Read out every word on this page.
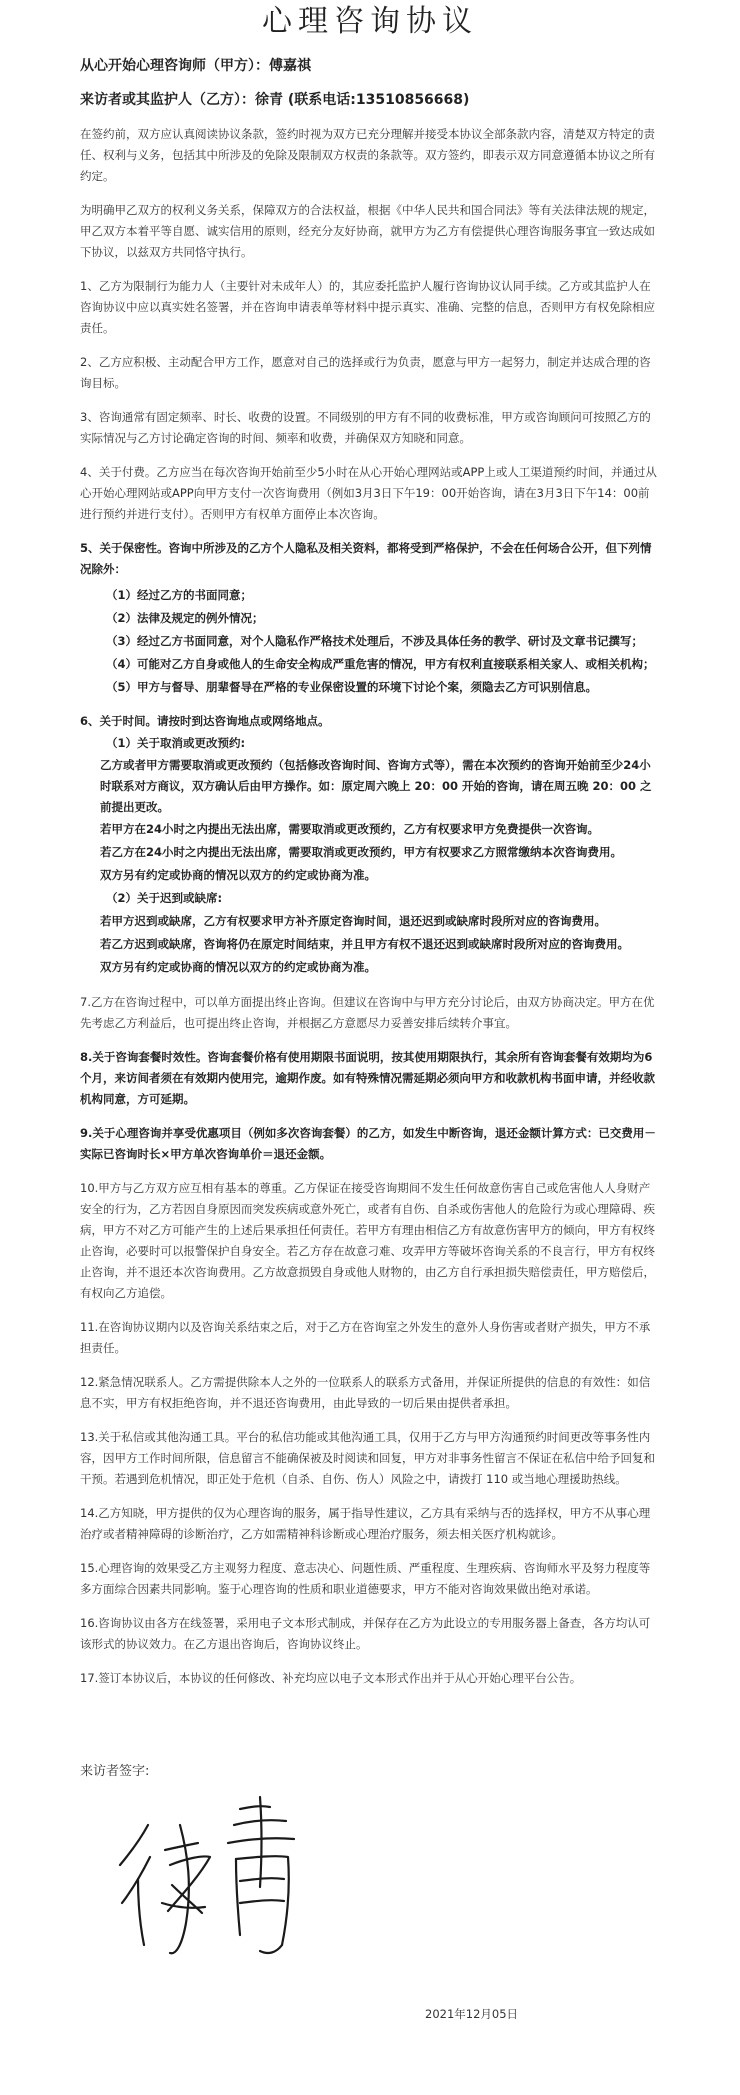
心理咨询协议
从心开始心理咨询师（甲方）：傅嘉祺
来访者或其监护人（乙方）：徐青 (联系电话:13510856668)
在签约前，双方应认真阅读协议条款，签约时视为双方已充分理解并接受本协议全部条款内容，清楚双方特定的责任、权利与义务，包括其中所涉及的免除及限制双方权责的条款等。双方签约，即表示双方同意遵循本协议之所有约定。
为明确甲乙双方的权利义务关系，保障双方的合法权益，根据《中华人民共和国合同法》等有关法律法规的规定，甲乙双方本着平等自愿、诚实信用的原则，经充分友好协商，就甲方为乙方有偿提供心理咨询服务事宜一致达成如下协议，以兹双方共同恪守执行。
1、乙方为限制行为能力人（主要针对未成年人）的，其应委托监护人履行咨询协议认同手续。乙方或其监护人在咨询协议中应以真实姓名签署，并在咨询申请表单等材料中提示真实、准确、完整的信息，否则甲方有权免除相应责任。
2、乙方应积极、主动配合甲方工作，愿意对自己的选择或行为负责，愿意与甲方一起努力，制定并达成合理的咨询目标。
3、咨询通常有固定频率、时长、收费的设置。不同级别的甲方有不同的收费标准，甲方或咨询顾问可按照乙方的实际情况与乙方讨论确定咨询的时间、频率和收费，并确保双方知晓和同意。
4、关于付费。乙方应当在每次咨询开始前至少5小时在从心开始心理网站或APP上或人工渠道预约时间，并通过从心开始心理网站或APP向甲方支付一次咨询费用（例如3月3日下午19：00开始咨询，请在3月3日下午14：00前进行预约并进行支付）。否则甲方有权单方面停止本次咨询。
5、关于保密性。咨询中所涉及的乙方个人隐私及相关资料，都将受到严格保护，不会在任何场合公开，但下列情况除外：
（1）经过乙方的书面同意；
（2）法律及规定的例外情况；
（3）经过乙方书面同意，对个人隐私作严格技术处理后，不涉及具体任务的教学、研讨及文章书记撰写；
（4）可能对乙方自身或他人的生命安全构成严重危害的情况，甲方有权利直接联系相关家人、或相关机构；
（5）甲方与督导、朋辈督导在严格的专业保密设置的环境下讨论个案，须隐去乙方可识别信息。
6、关于时间。请按时到达咨询地点或网络地点。
（1）关于取消或更改预约:
乙方或者甲方需要取消或更改预约（包括修改咨询时间、咨询方式等），需在本次预约的咨询开始前至少24小时联系对方商议，双方确认后由甲方操作。如：原定周六晚上 20：00 开始的咨询，请在周五晚 20：00 之前提出更改。
若甲方在24小时之内提出无法出席，需要取消或更改预约，乙方有权要求甲方免费提供一次咨询。
若乙方在24小时之内提出无法出席，需要取消或更改预约，甲方有权要求乙方照常缴纳本次咨询费用。
双方另有约定或协商的情况以双方的约定或协商为准。
（2）关于迟到或缺席:
若甲方迟到或缺席，乙方有权要求甲方补齐原定咨询时间，退还迟到或缺席时段所对应的咨询费用。
若乙方迟到或缺席，咨询将仍在原定时间结束，并且甲方有权不退还迟到或缺席时段所对应的咨询费用。
双方另有约定或协商的情况以双方的约定或协商为准。
7.乙方在咨询过程中，可以单方面提出终止咨询。但建议在咨询中与甲方充分讨论后，由双方协商决定。甲方在优先考虑乙方利益后，也可提出终止咨询，并根据乙方意愿尽力妥善安排后续转介事宜。
8.关于咨询套餐时效性。咨询套餐价格有使用期限书面说明，按其使用期限执行，其余所有咨询套餐有效期均为6个月，来访间者须在有效期内使用完，逾期作废。如有特殊情况需延期必须向甲方和收款机构书面申请，并经收款机构同意，方可延期。
9.关于心理咨询并享受优惠项目（例如多次咨询套餐）的乙方，如发生中断咨询，退还金额计算方式：已交费用－实际已咨询时长×甲方单次咨询单价＝退还金额。
10.甲方与乙方双方应互相有基本的尊重。乙方保证在接受咨询期间不发生任何故意伤害自己或危害他人人身财产安全的行为，乙方若因自身原因而突发疾病或意外死亡，或者有自伤、自杀或伤害他人的危险行为或心理障碍、疾病，甲方不对乙方可能产生的上述后果承担任何责任。若甲方有理由相信乙方有故意伤害甲方的倾向，甲方有权终止咨询，必要时可以报警保护自身安全。若乙方存在故意刁难、攻弄甲方等破坏咨询关系的不良言行，甲方有权终止咨询，并不退还本次咨询费用。乙方故意损毁自身或他人财物的，由乙方自行承担损失赔偿责任，甲方赔偿后，有权向乙方追偿。
11.在咨询协议期内以及咨询关系结束之后，对于乙方在咨询室之外发生的意外人身伤害或者财产损失，甲方不承担责任。
12.紧急情况联系人。乙方需提供除本人之外的一位联系人的联系方式备用，并保证所提供的信息的有效性：如信息不实，甲方有权拒绝咨询，并不退还咨询费用，由此导致的一切后果由提供者承担。
13.关于私信或其他沟通工具。平台的私信功能或其他沟通工具，仅用于乙方与甲方沟通预约时间更改等事务性内容，因甲方工作时间所限，信息留言不能确保被及时阅读和回复，甲方对非事务性留言不保证在私信中给予回复和干预。若遇到危机情况，即正处于危机（自杀、自伤、伤人）风险之中，请拨打 110 或当地心理援助热线。
14.乙方知晓，甲方提供的仅为心理咨询的服务，属于指导性建议，乙方具有采纳与否的选择权，甲方不从事心理治疗或者精神障碍的诊断治疗，乙方如需精神科诊断或心理治疗服务，须去相关医疗机构就诊。
15.心理咨询的效果受乙方主观努力程度、意志决心、问题性质、严重程度、生理疾病、咨询师水平及努力程度等多方面综合因素共同影响。鉴于心理咨询的性质和职业道德要求，甲方不能对咨询效果做出绝对承诺。
16.咨询协议由各方在线签署，采用电子文本形式制成，并保存在乙方为此设立的专用服务器上备查，各方均认可该形式的协议效力。在乙方退出咨询后，咨询协议终止。
17.签订本协议后，本协议的任何修改、补充均应以电子文本形式作出并于从心开始心理平台公告。
来访者签字:
2021年12月05日
